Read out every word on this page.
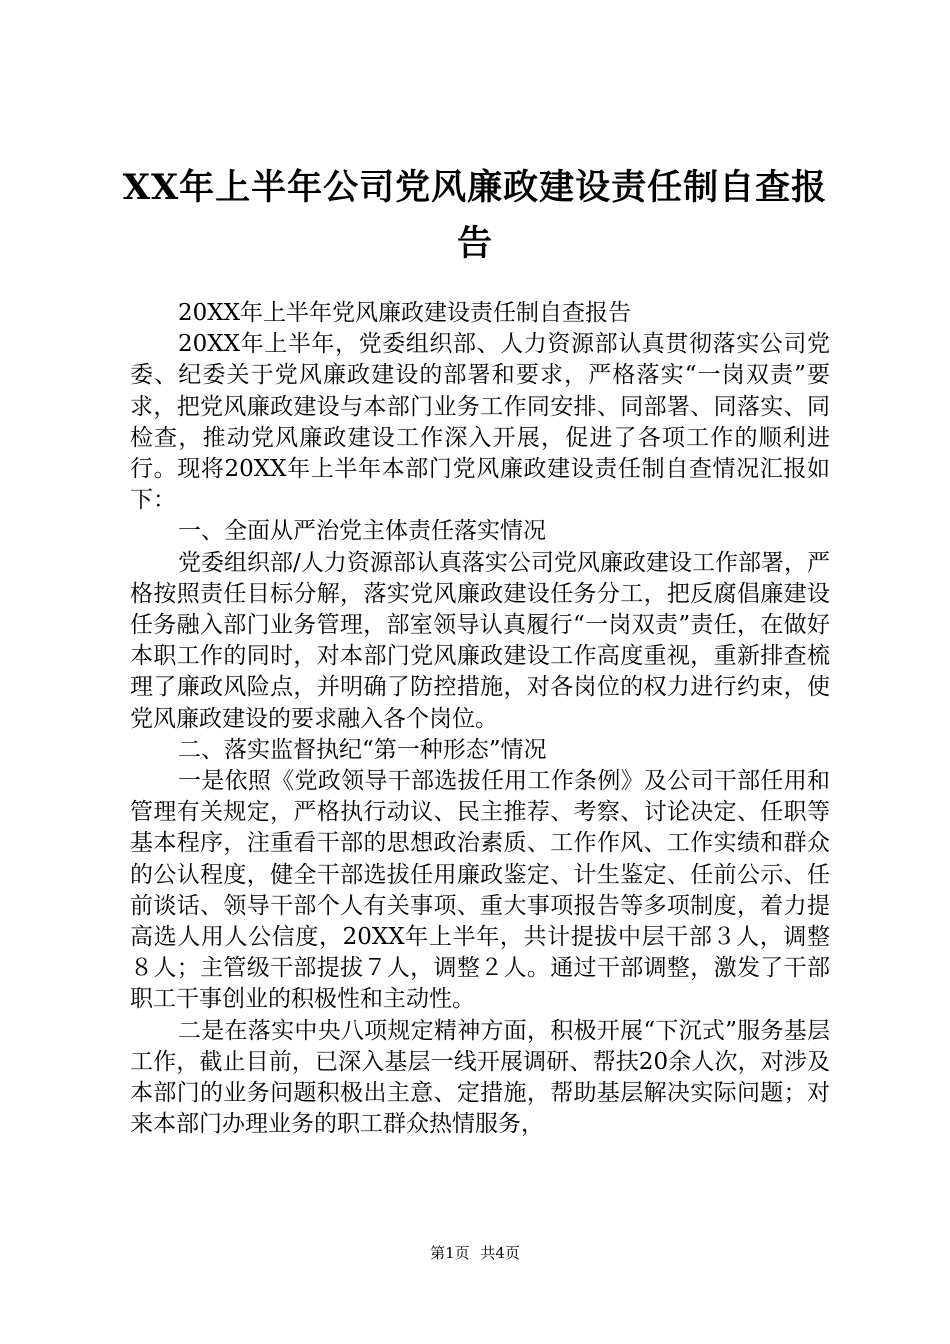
XX年上半年公司党风廉政建设责任制自查报告

20XX年上半年党风廉政建设责任制自查报告

20XX年上半年，党委组织部、人力资源部认真贯彻落实公司党委、纪委关于党风廉政建设的部署和要求，严格落实“一岗双责”要求，把党风廉政建设与本部门业务工作同安排、同部署、同落实、同检查，推动党风廉政建设工作深入开展，促进了各项工作的顺利进行。现将20XX年上半年本部门党风廉政建设责任制自查情况汇报如下：

一、全面从严治党主体责任落实情况

党委组织部/人力资源部认真落实公司党风廉政建设工作部署，严格按照责任目标分解，落实党风廉政建设任务分工，把反腐倡廉建设任务融入部门业务管理，部室领导认真履行“一岗双责”责任，在做好本职工作的同时，对本部门党风廉政建设工作高度重视，重新排查梳理了廉政风险点，并明确了防控措施，对各岗位的权力进行约束，使党风廉政建设的要求融入各个岗位。

二、落实监督执纪“第一种形态”情况

一是依照《党政领导干部选拔任用工作条例》及公司干部任用和管理有关规定，严格执行动议、民主推荐、考察、讨论决定、任职等基本程序，注重看干部的思想政治素质、工作作风、工作实绩和群众的公认程度，健全干部选拔任用廉政鉴定、计生鉴定、任前公示、任前谈话、领导干部个人有关事项、重大事项报告等多项制度，着力提高选人用人公信度，20XX年上半年，共计提拔中层干部３人，调整８人；主管级干部提拔７人，调整２人。通过干部调整，激发了干部职工干事创业的积极性和主动性。

二是在落实中央八项规定精神方面，积极开展“下沉式”服务基层工作，截止目前，已深入基层一线开展调研、帮扶20余人次，对涉及本部门的业务问题积极出主意、定措施，帮助基层解决实际问题；对来本部门办理业务的职工群众热情服务，

第1页 共4页
